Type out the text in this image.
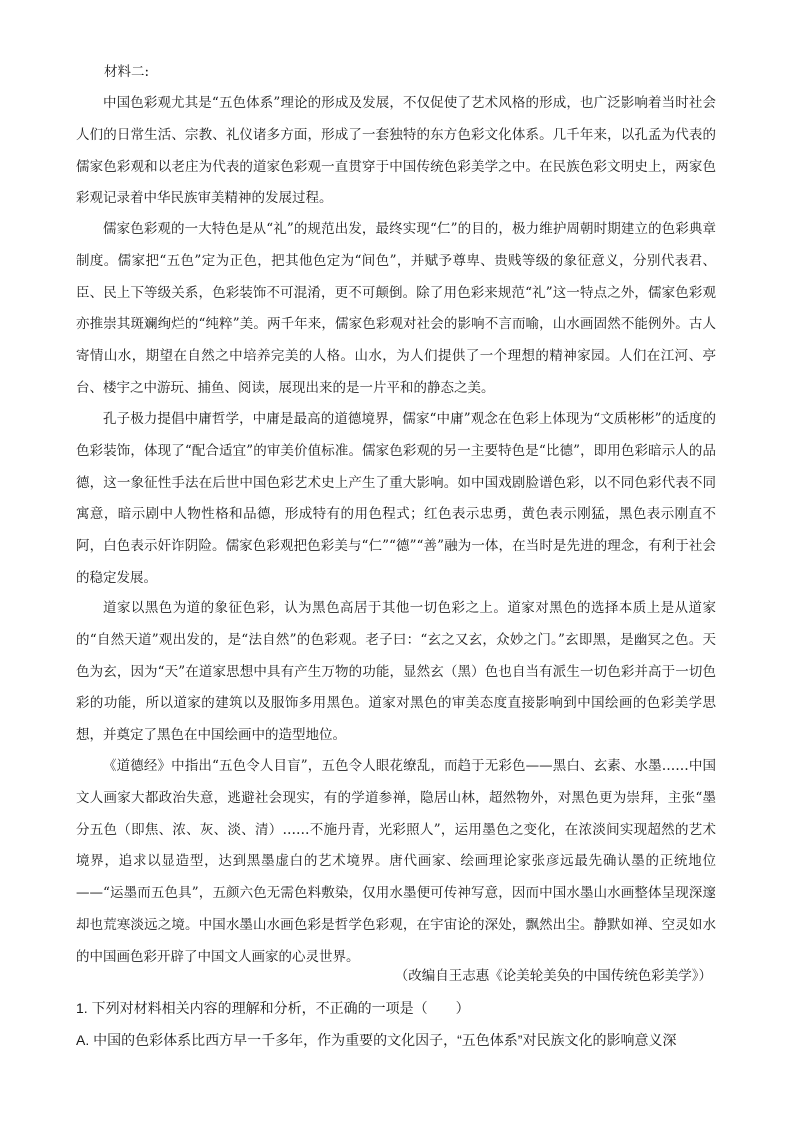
材料二:

中国色彩观尤其是“五色体系”理论的形成及发展，不仅促使了艺术风格的形成，也广泛影响着当时社会人们的日常生活、宗教、礼仪诸多方面，形成了一套独特的东方色彩文化体系。几千年来，以孔孟为代表的儒家色彩观和以老庄为代表的道家色彩观一直贯穿于中国传统色彩美学之中。在民族色彩文明史上，两家色彩观记录着中华民族审美精神的发展过程。

儒家色彩观的一大特色是从“礼”的规范出发，最终实现“仁”的目的，极力维护周朝时期建立的色彩典章制度。儒家把“五色”定为正色，把其他色定为“间色”，并赋予尊卑、贵贱等级的象征意义，分别代表君、臣、民上下等级关系，色彩装饰不可混淆，更不可颠倒。除了用色彩来规范“礼”这一特点之外，儒家色彩观亦推崇其斑斓绚烂的“纯粹”美。两千年来，儒家色彩观对社会的影响不言而喻，山水画固然不能例外。古人寄情山水，期望在自然之中培养完美的人格。山水，为人们提供了一个理想的精神家园。人们在江河、亭台、楼宇之中游玩、捕鱼、阅读，展现出来的是一片平和的静态之美。

孔子极力提倡中庸哲学，中庸是最高的道德境界，儒家“中庸”观念在色彩上体现为“文质彬彬”的适度的色彩装饰，体现了“配合适宜”的审美价值标准。儒家色彩观的另一主要特色是“比德”，即用色彩暗示人的品德，这一象征性手法在后世中国色彩艺术史上产生了重大影响。如中国戏剧脸谱色彩，以不同色彩代表不同寓意，暗示剧中人物性格和品德，形成特有的用色程式；红色表示忠勇，黄色表示刚猛，黑色表示刚直不阿，白色表示奸诈阴险。儒家色彩观把色彩美与“仁”“德”“善”融为一体，在当时是先进的理念，有利于社会的稳定发展。

道家以黑色为道的象征色彩，认为黑色高居于其他一切色彩之上。道家对黑色的选择本质上是从道家的“自然天道”观出发的，是“法自然”的色彩观。老子曰：“玄之又玄，众妙之门。”玄即黑，是幽冥之色。天色为玄，因为“天”在道家思想中具有产生万物的功能，显然玄（黑）色也自当有派生一切色彩并高于一切色彩的功能，所以道家的建筑以及服饰多用黑色。道家对黑色的审美态度直接影响到中国绘画的色彩美学思想，并奠定了黑色在中国绘画中的造型地位。

《道德经》中指出“五色令人目盲”，五色令人眼花缭乱，而趋于无彩色——黑白、玄素、水墨……中国文人画家大都政治失意，逃避社会现实，有的学道参禅，隐居山林，超然物外，对黑色更为崇拜，主张“墨分五色（即焦、浓、灰、淡、清）……不施丹青，光彩照人”，运用墨色之变化，在浓淡间实现超然的艺术境界，追求以显造型，达到黑墨虚白的艺术境界。唐代画家、绘画理论家张彦远最先确认墨的正统地位——“运墨而五色具”，五颜六色无需色料敷染，仅用水墨便可传神写意，因而中国水墨山水画整体呈现深邃却也荒寒淡远之境。中国水墨山水画色彩是哲学色彩观，在宇宙论的深处，飘然出尘。静默如禅、空灵如水的中国画色彩开辟了中国文人画家的心灵世界。

（改编自王志惠《论美轮美奂的中国传统色彩美学》）
1. 下列对材料相关内容的理解和分析，不正确的一项是（　　）
A. 中国的色彩体系比西方早一千多年，作为重要的文化因子，“五色体系”对民族文化的影响意义深
